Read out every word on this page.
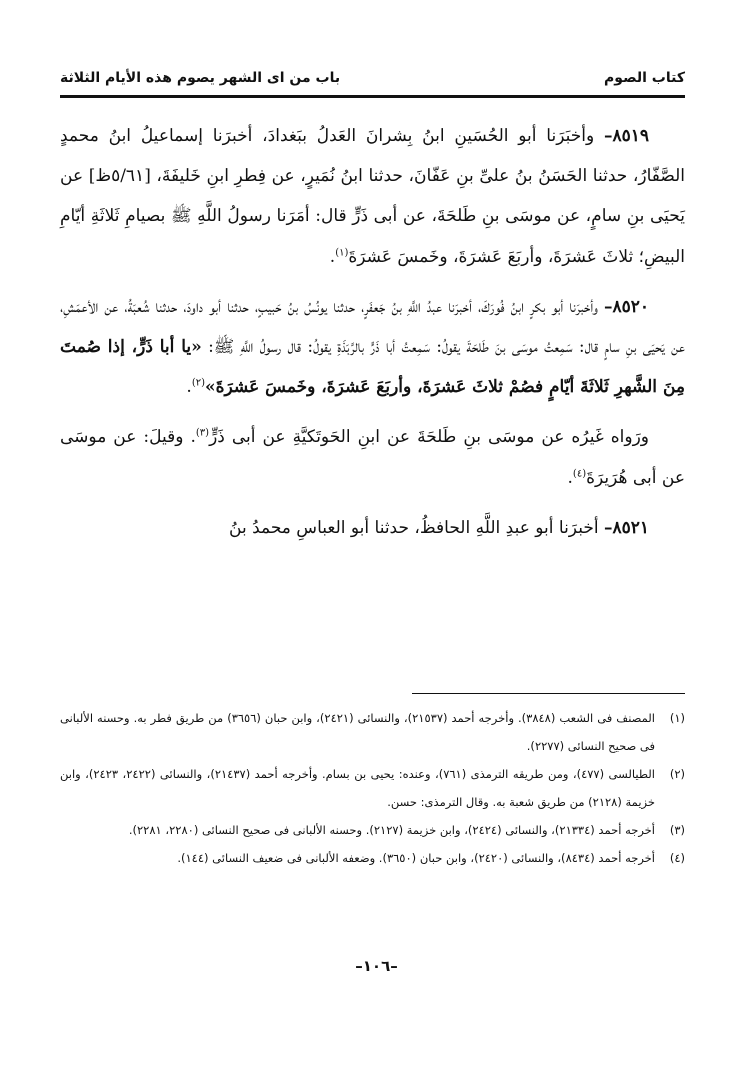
كتاب الصوم
باب من اى الشهر يصوم هذه الأيام الثلاثة

٨٥١٩– وأخبَرَنا أبو الحُسَينِ ابنُ بِشرانَ العَدلُ ببَغدادَ، أخبرَنا إسماعيلُ ابنُ محمدٍ الصَّفّارُ، حدثنا الحَسَنُ بنُ علىِّ بنِ عَفّانَ، حدثنا ابنُ نُمَيرٍ، عن فِطرِ ابنِ خَليفَةَ، [٥/٦١ظ] عن يَحيَى بنِ سامٍ، عن موسَى بنِ طَلحَةَ، عن أبى ذَرٍّ قال: أمَرَنا رسولُ اللَّهِ ﷺ بصيامِ ثَلاثَةِ أيّامِ البيضِ؛ ثلاثَ عَشرَةَ، وأربَعَ عَشرَةَ، وخَمسَ عَشرَةَ$^{(١)}$.

٨٥٢٠– وأخبرَنا أبو بكرٍ ابنُ فُورَكَ، أخبرَنا عبدُ اللَّهِ بنُ جَعفَرٍ، حدثنا يونُسُ بنُ حَبيبٍ، حدثنا أبو داودَ، حدثنا شُعبَةُ، عن الأعمَشِ، عن يَحيَى بنِ سامٍ قال: سَمِعتُ موسَى بنَ طَلحَةَ يقولُ: سَمِعتُ أبا ذَرٍّ بالرَّبَذَةِ يقولُ: قال رسولُ اللَّهِ ﷺ: «يا أبا ذَرٍّ، إذا صُمتَ مِنَ الشَّهرِ ثَلاثَةَ أيّامٍ فصُمْ ثلاثَ عَشرَةَ، وأربَعَ عَشرَةَ، وخَمسَ عَشرَةَ»$^{(٢)}$.

ورَواه غَيرُه عن موسَى بنِ طَلحَةَ عن ابنِ الحَوتَكيَّةِ عن أبى ذَرٍّ$^{(٣)}$. وقيلَ: عن موسَى عن أبى هُرَيرَةَ$^{(٤)}$.

٨٥٢١– أخبرَنا أبو عبدِ اللَّهِ الحافظُ، حدثنا أبو العباسِ محمدُ بنُ

(١)المصنف فى الشعب (٣٨٤٨). وأخرجه أحمد (٢١٥٣٧)، والنسائى (٢٤٢١)، وابن حبان (٣٦٥٦) من طريق فطر به. وحسنه الألبانى فى صحيح النسائى (٢٢٧٧).

(٢)الطيالسى (٤٧٧)، ومن طريقه الترمذى (٧٦١)، وعنده: يحيى بن بسام. وأخرجه أحمد (٢١٤٣٧)، والنسائى (٢٤٢٢، ٢٤٢٣)، وابن خزيمة (٢١٢٨) من طريق شعبة به. وقال الترمذى: حسن.

(٣)أخرجه أحمد (٢١٣٣٤)، والنسائى (٢٤٢٤)، وابن خزيمة (٢١٢٧). وحسنه الألبانى فى صحيح النسائى (٢٢٨٠، ٢٢٨١).

(٤)أخرجه أحمد (٨٤٣٤)، والنسائى (٢٤٢٠)، وابن حبان (٣٦٥٠). وضعفه الألبانى فى ضعيف النسائى (١٤٤).

–١٠٦–
